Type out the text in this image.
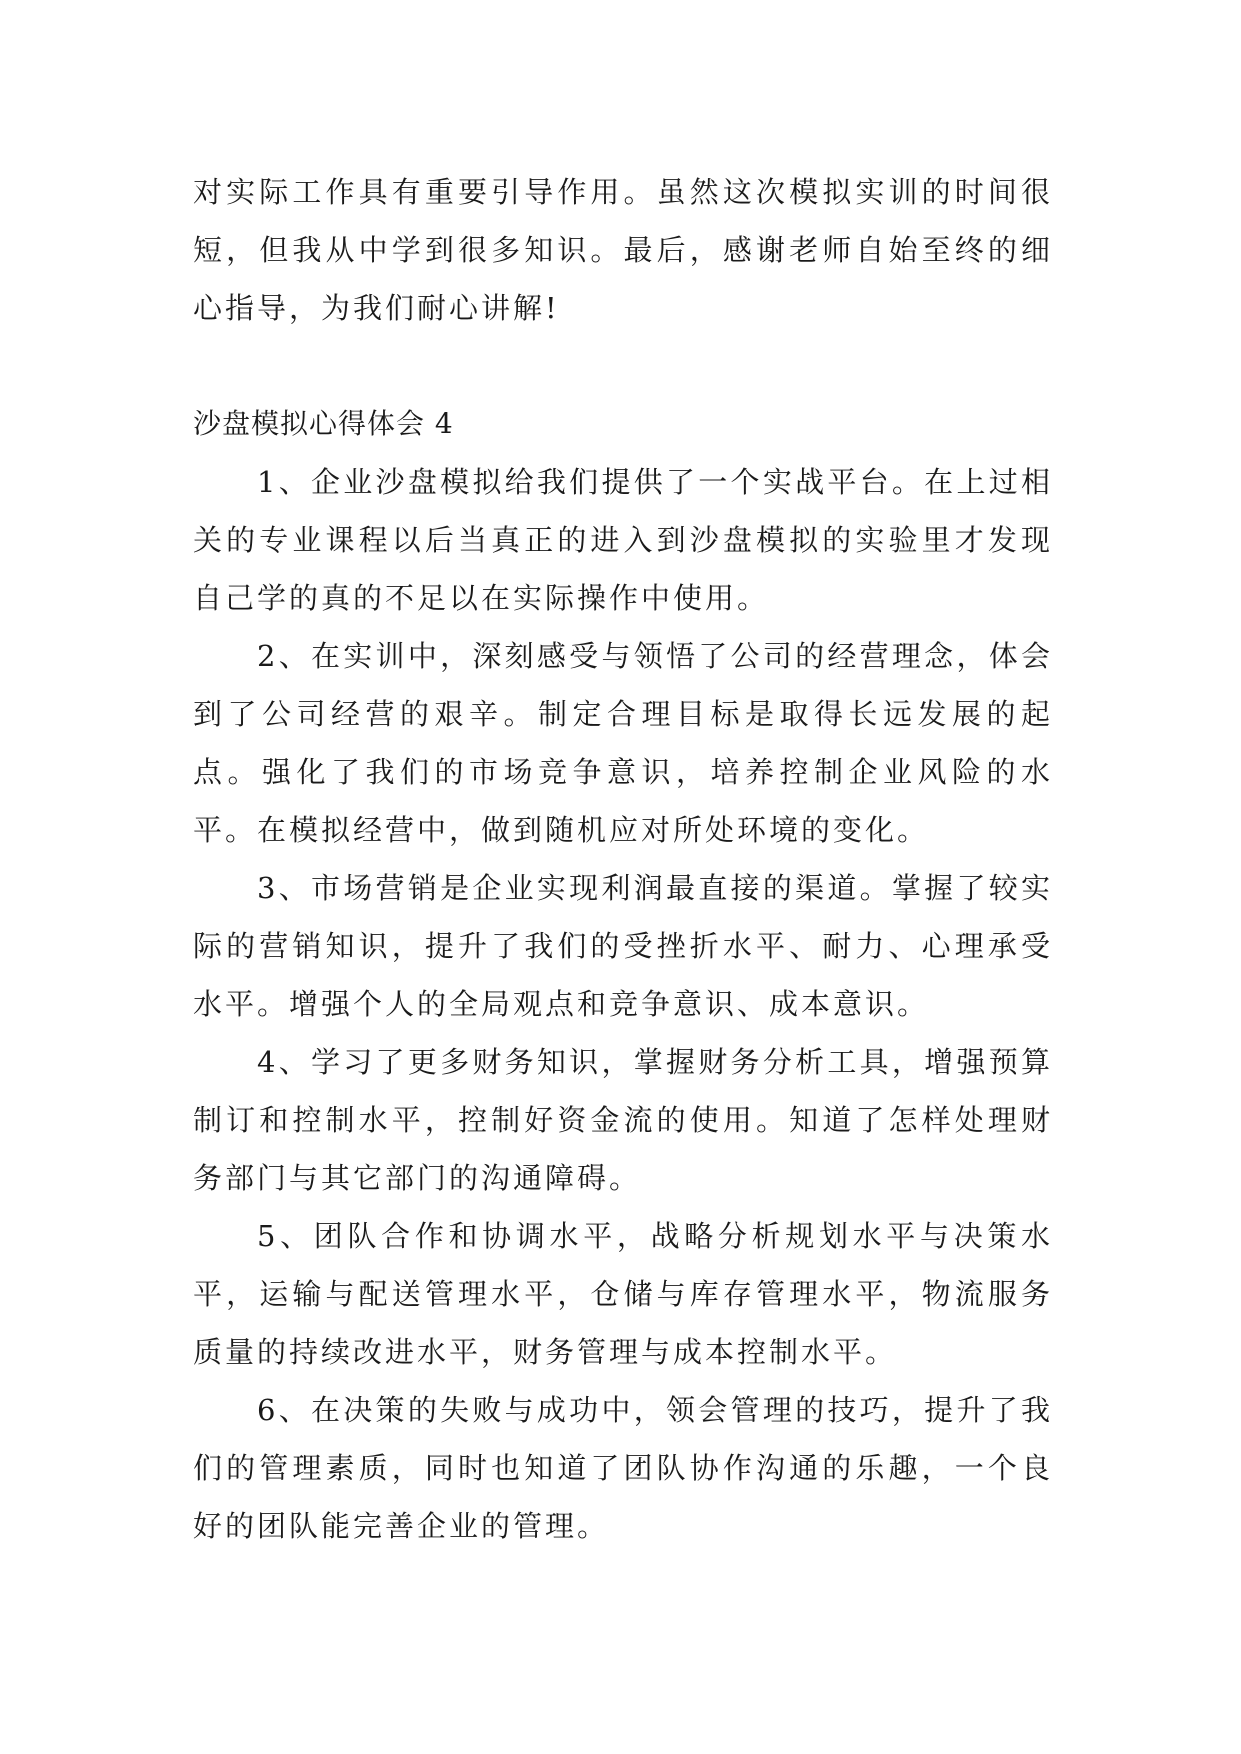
对实际工作具有重要引导作用。虽然这次模拟实训的时间很短，但我从中学到很多知识。最后，感谢老师自始至终的细心指导，为我们耐心讲解!

沙盘模拟心得体会 4

1、企业沙盘模拟给我们提供了一个实战平台。在上过相关的专业课程以后当真正的进入到沙盘模拟的实验里才发现自己学的真的不足以在实际操作中使用。

2、在实训中，深刻感受与领悟了公司的经营理念，体会到了公司经营的艰辛。制定合理目标是取得长远发展的起点。强化了我们的市场竞争意识，培养控制企业风险的水平。在模拟经营中，做到随机应对所处环境的变化。

3、市场营销是企业实现利润最直接的渠道。掌握了较实际的营销知识，提升了我们的受挫折水平、耐力、心理承受水平。增强个人的全局观点和竞争意识、成本意识。

4、学习了更多财务知识，掌握财务分析工具，增强预算制订和控制水平，控制好资金流的使用。知道了怎样处理财务部门与其它部门的沟通障碍。

5、团队合作和协调水平，战略分析规划水平与决策水平，运输与配送管理水平，仓储与库存管理水平，物流服务质量的持续改进水平，财务管理与成本控制水平。

6、在决策的失败与成功中，领会管理的技巧，提升了我们的管理素质，同时也知道了团队协作沟通的乐趣，一个良好的团队能完善企业的管理。
